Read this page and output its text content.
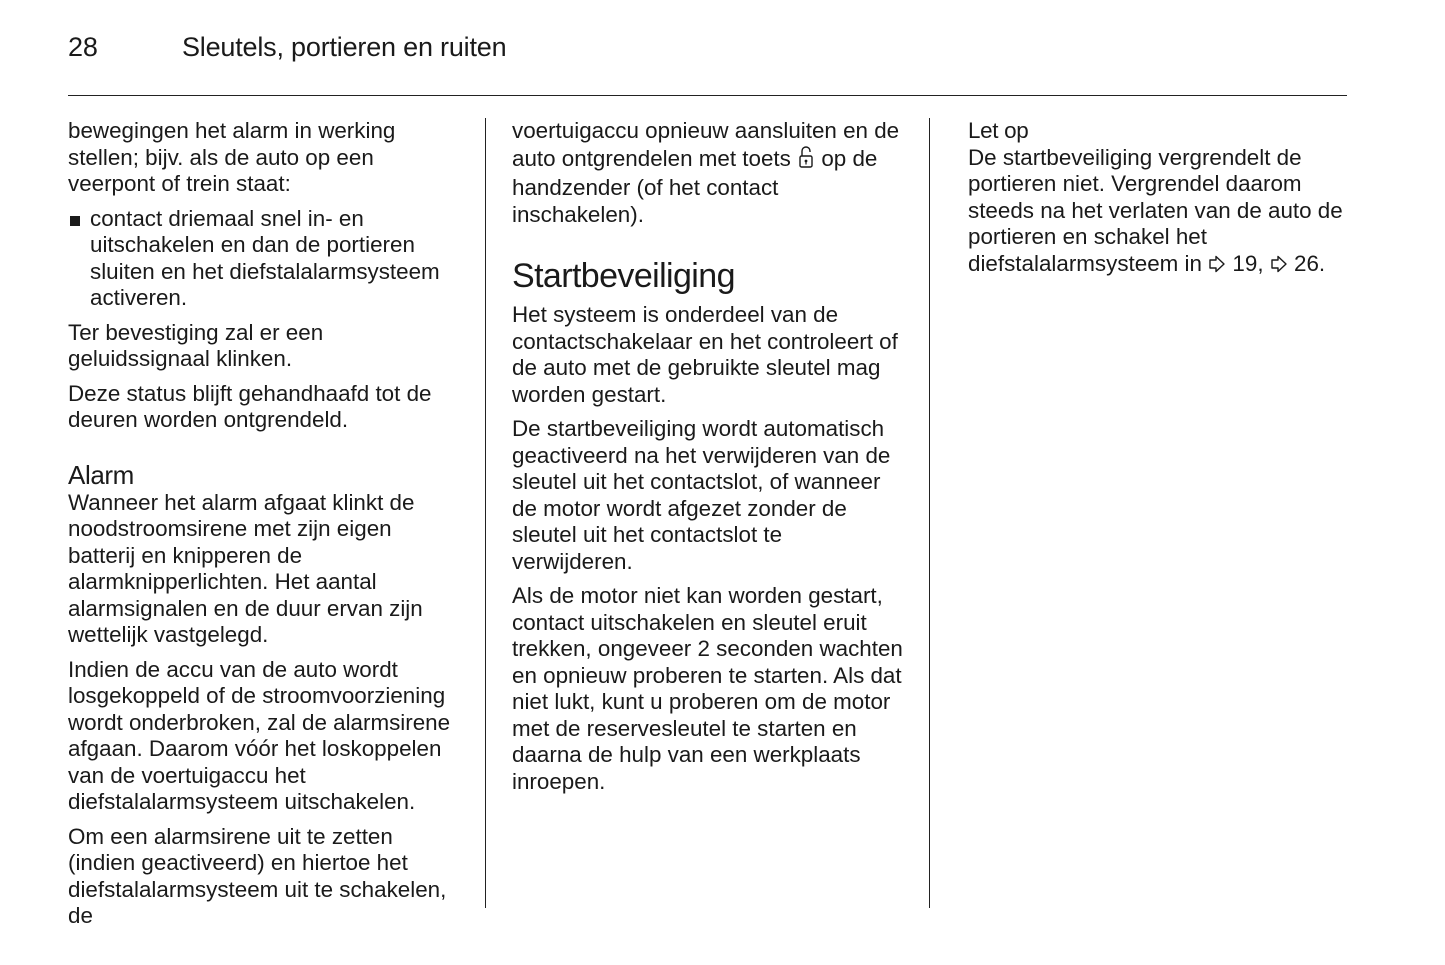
28	Sleutels, portieren en ruiten

bewegingen het alarm in werking stellen; bijv. als de auto op een veerpont of trein staat:

contact driemaal snel in- en uitschakelen en dan de portieren sluiten en het diefstalalarmsysteem activeren.

Ter bevestiging zal er een geluidssignaal klinken.

Deze status blijft gehandhaafd tot de deuren worden ontgrendeld.

Alarm

Wanneer het alarm afgaat klinkt de noodstroomsirene met zijn eigen batterij en knipperen de alarmknipperlichten. Het aantal alarmsignalen en de duur ervan zijn wettelijk vastgelegd.

Indien de accu van de auto wordt losgekoppeld of de stroomvoorziening wordt onderbroken, zal de alarmsirene afgaan. Daarom vóór het loskoppelen van de voertuigaccu het diefstalalarmsysteem uitschakelen.

Om een alarmsirene uit te zetten (indien geactiveerd) en hiertoe het diefstalalarmsysteem uit te schakelen, de

voertuigaccu opnieuw aansluiten en de auto ontgrendelen met toets op de handzender (of het contact inschakelen).

Startbeveiliging

Het systeem is onderdeel van de contactschakelaar en het controleert of de auto met de gebruikte sleutel mag worden gestart.

De startbeveiliging wordt automatisch geactiveerd na het verwijderen van de sleutel uit het contactslot, of wanneer de motor wordt afgezet zonder de sleutel uit het contactslot te verwijderen.

Als de motor niet kan worden gestart, contact uitschakelen en sleutel eruit trekken, ongeveer 2 seconden wachten en opnieuw proberen te starten. Als dat niet lukt, kunt u proberen om de motor met de reservesleutel te starten en daarna de hulp van een werkplaats inroepen.

Let op

De startbeveiliging vergrendelt de portieren niet. Vergrendel daarom steeds na het verlaten van de auto de portieren en schakel het diefstalalarmsysteem in 19, 26.
